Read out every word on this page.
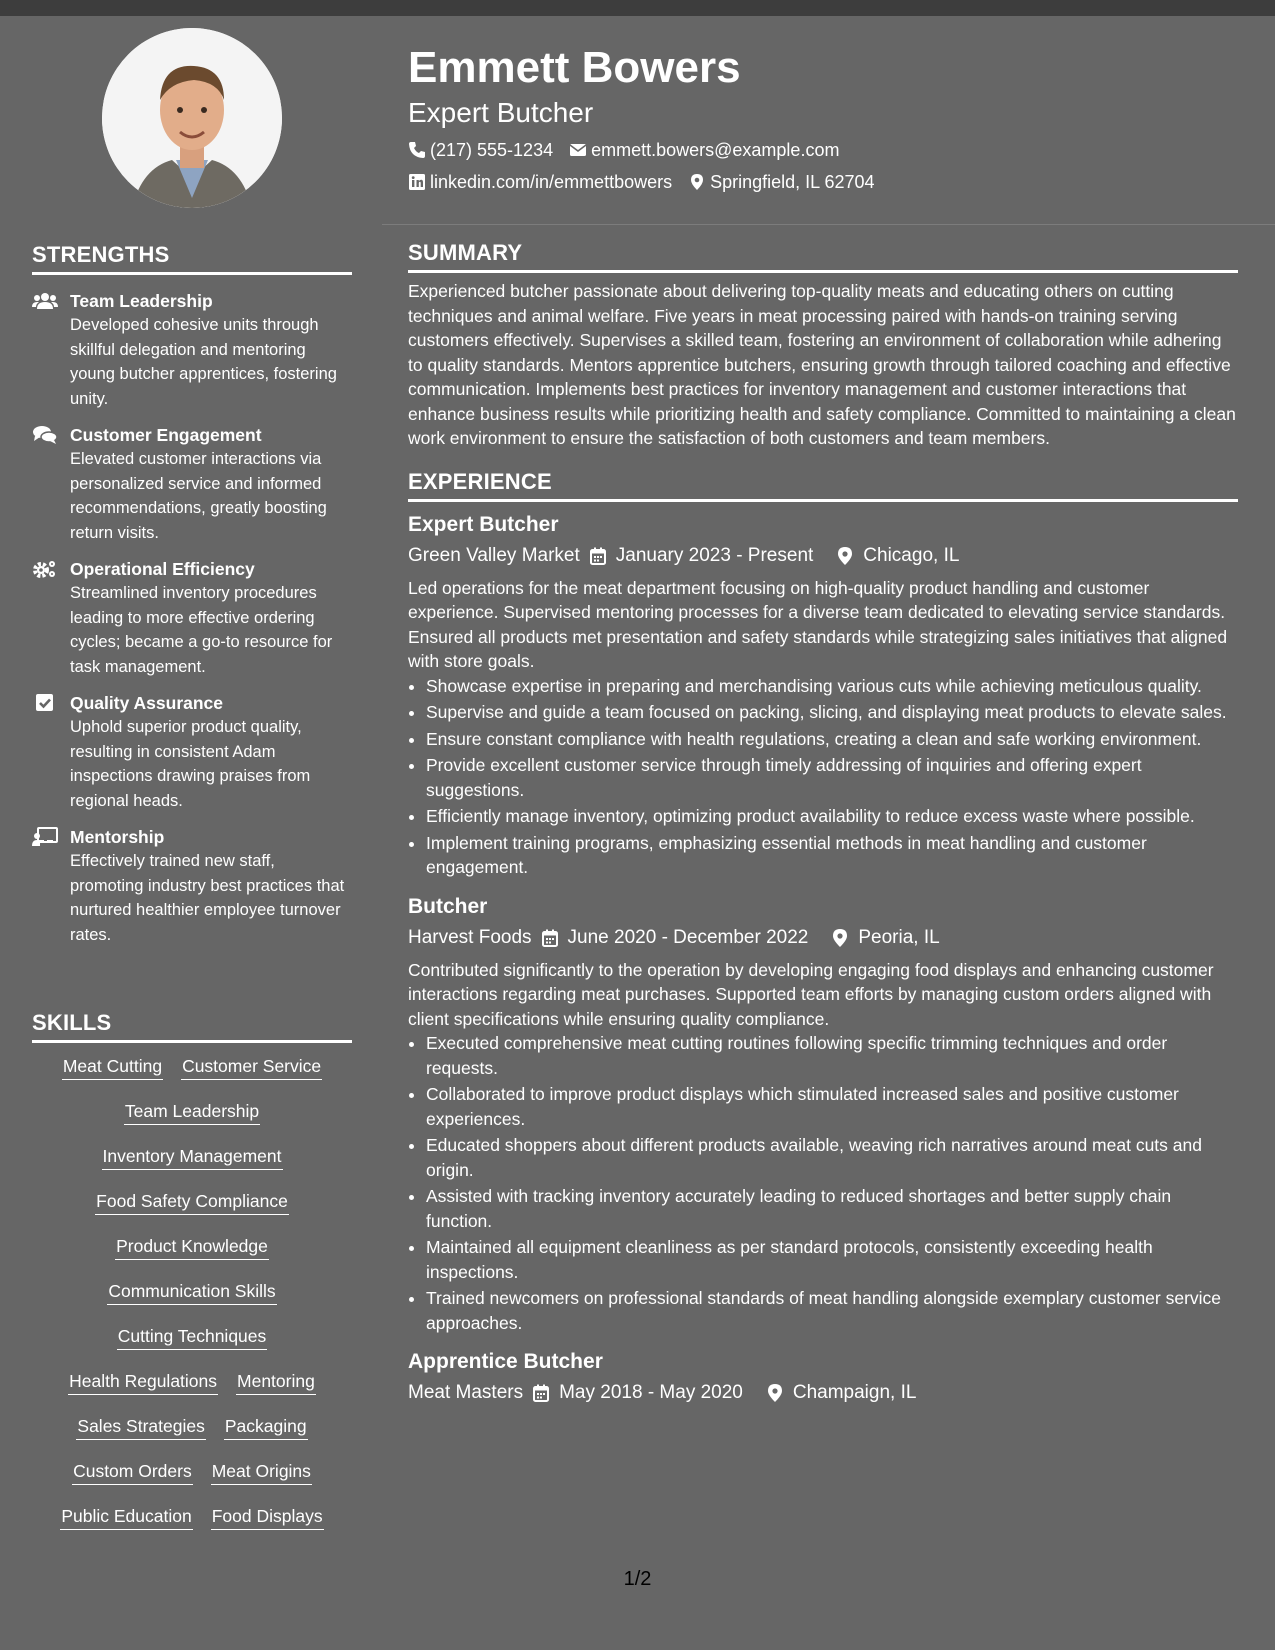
STRENGTHS
Team Leadership
Developed cohesive units through skillful delegation and mentoring young butcher apprentices, fostering unity.
Customer Engagement
Elevated customer interactions via personalized service and informed recommendations, greatly boosting return visits.
Operational Efficiency
Streamlined inventory procedures leading to more effective ordering cycles; became a go-to resource for task management.
Quality Assurance
Uphold superior product quality, resulting in consistent Adam inspections drawing praises from regional heads.
Mentorship
Effectively trained new staff, promoting industry best practices that nurtured healthier employee turnover rates.
SKILLS
Meat Cutting Customer Service
Team Leadership
Inventory Management
Food Safety Compliance
Product Knowledge
Communication Skills
Cutting Techniques
Health Regulations Mentoring
Sales Strategies Packaging
Custom Orders Meat Origins
Public Education Food Displays
Emmett Bowers
Expert Butcher
(217) 555-1234 emmett.bowers@example.com
linkedin.com/in/emmettbowers Springfield, IL 62704
SUMMARY
Experienced butcher passionate about delivering top-quality meats and educating others on cutting techniques and animal welfare. Five years in meat processing paired with hands-on training serving customers effectively. Supervises a skilled team, fostering an environment of collaboration while adhering to quality standards. Mentors apprentice butchers, ensuring growth through tailored coaching and effective communication. Implements best practices for inventory management and customer interactions that enhance business results while prioritizing health and safety compliance. Committed to maintaining a clean work environment to ensure the satisfaction of both customers and team members.
EXPERIENCE
Expert Butcher
Green Valley Market January 2023 - Present	Chicago, IL
Led operations for the meat department focusing on high-quality product handling and customer experience. Supervised mentoring processes for a diverse team dedicated to elevating service standards. Ensured all products met presentation and safety standards while strategizing sales initiatives that aligned with store goals.
• Showcase expertise in preparing and merchandising various cuts while achieving meticulous quality.
• Supervise and guide a team focused on packing, slicing, and displaying meat products to elevate sales.
• Ensure constant compliance with health regulations, creating a clean and safe working environment.
• Provide excellent customer service through timely addressing of inquiries and offering expert suggestions.
• Efficiently manage inventory, optimizing product availability to reduce excess waste where possible.
• Implement training programs, emphasizing essential methods in meat handling and customer engagement.
Butcher
Harvest Foods June 2020 - December 2022	Peoria, IL
Contributed significantly to the operation by developing engaging food displays and enhancing customer interactions regarding meat purchases. Supported team efforts by managing custom orders aligned with client specifications while ensuring quality compliance.
• Executed comprehensive meat cutting routines following specific trimming techniques and order requests.
• Collaborated to improve product displays which stimulated increased sales and positive customer experiences.
• Educated shoppers about different products available, weaving rich narratives around meat cuts and origin.
• Assisted with tracking inventory accurately leading to reduced shortages and better supply chain function.
• Maintained all equipment cleanliness as per standard protocols, consistently exceeding health inspections.
• Trained newcomers on professional standards of meat handling alongside exemplary customer service approaches.
Apprentice Butcher
Meat Masters May 2018 - May 2020	Champaign, IL
1/2
